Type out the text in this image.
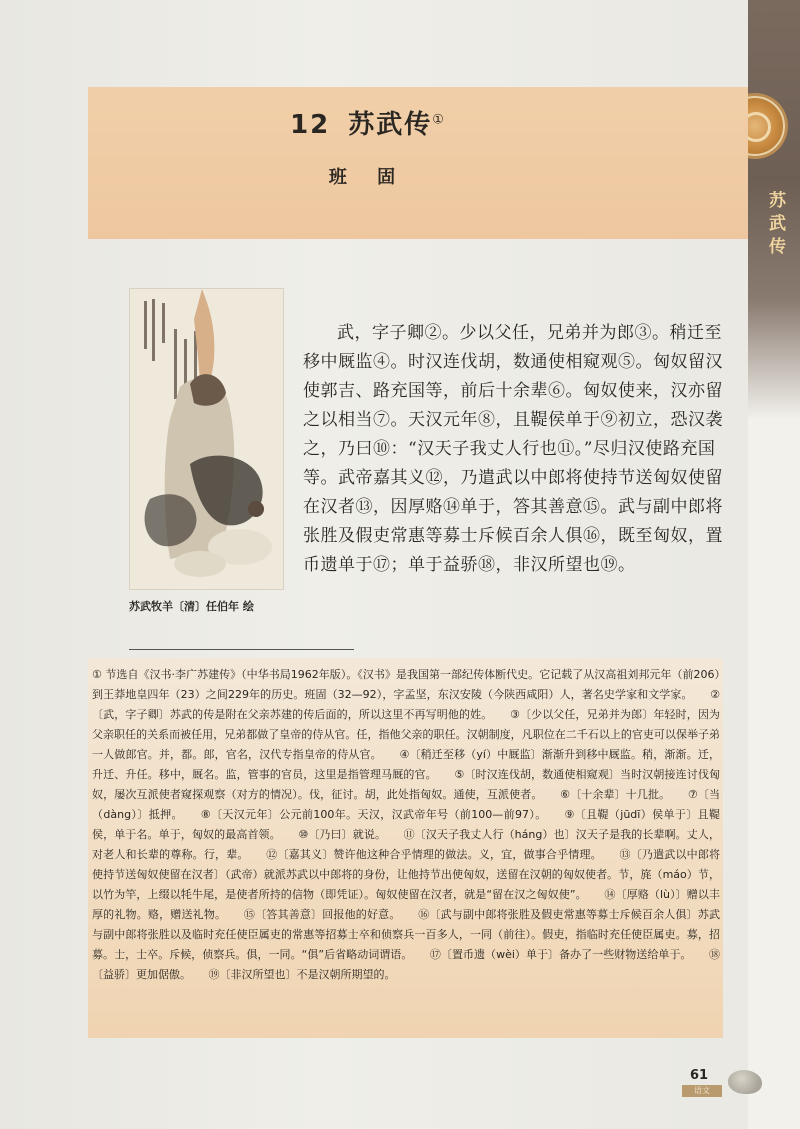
苏武传
12 苏武传①
班 固
苏武牧羊〔清〕任伯年 绘
武，字子卿②。少以父任，兄弟并为郎③。稍迁至移中厩监④。时汉连伐胡，数通使相窥观⑤。匈奴留汉使郭吉、路充国等，前后十余辈⑥。匈奴使来，汉亦留之以相当⑦。天汉元年⑧，且鞮侯单于⑨初立，恐汉袭之，乃曰⑩：“汉天子我丈人行也⑪。”尽归汉使路充国等。武帝嘉其义⑫，乃遣武以中郎将使持节送匈奴使留在汉者⑬，因厚赂⑭单于，答其善意⑮。武与副中郎将张胜及假吏常惠等募士斥候百余人俱⑯，既至匈奴，置币遗单于⑰；单于益骄⑱，非汉所望也⑲。
① 节选自《汉书·李广苏建传》（中华书局1962年版）。《汉书》是我国第一部纪传体断代史。它记载了从汉高祖刘邦元年（前206）到王莽地皇四年（23）之间229年的历史。班固（32—92），字孟坚，东汉安陵（今陕西咸阳）人，著名史学家和文学家。 ②〔武，字子卿〕苏武的传是附在父亲苏建的传后面的，所以这里不再写明他的姓。 ③〔少以父任，兄弟并为郎〕年轻时，因为父亲职任的关系而被任用，兄弟都做了皇帝的侍从官。任，指他父亲的职任。汉朝制度，凡职位在二千石以上的官吏可以保举子弟一人做郎官。并，都。郎，官名，汉代专指皇帝的侍从官。 ④〔稍迁至移（yí）中厩监〕渐渐升到移中厩监。稍，渐渐。迁，升迁、升任。移中，厩名。监，管事的官员，这里是指管理马厩的官。 ⑤〔时汉连伐胡，数通使相窥观〕当时汉朝接连讨伐匈奴，屡次互派使者窥探观察（对方的情况）。伐，征讨。胡，此处指匈奴。通使，互派使者。 ⑥〔十余辈〕十几批。 ⑦〔当（dàng）〕抵押。 ⑧〔天汉元年〕公元前100年。天汉，汉武帝年号（前100—前97）。 ⑨〔且鞮（jūdī）侯单于〕且鞮侯，单于名。单于，匈奴的最高首领。 ⑩〔乃曰〕就说。 ⑪〔汉天子我丈人行（háng）也〕汉天子是我的长辈啊。丈人，对老人和长辈的尊称。行，辈。 ⑫〔嘉其义〕赞许他这种合乎情理的做法。义，宜，做事合乎情理。 ⑬〔乃遣武以中郎将使持节送匈奴使留在汉者〕（武帝）就派苏武以中郎将的身份，让他持节出使匈奴，送留在汉朝的匈奴使者。节，旄（máo）节，以竹为竿，上缀以牦牛尾，是使者所持的信物（即凭证）。匈奴使留在汉者，就是“留在汉之匈奴使”。 ⑭〔厚赂（lù）〕赠以丰厚的礼物。赂，赠送礼物。 ⑮〔答其善意〕回报他的好意。 ⑯〔武与副中郎将张胜及假吏常惠等募士斥候百余人俱〕苏武与副中郎将张胜以及临时充任使臣属吏的常惠等招募士卒和侦察兵一百多人，一同（前往）。假吏，指临时充任使臣属吏。募，招募。士，士卒。斥候，侦察兵。俱，一同。“俱”后省略动词谓语。 ⑰〔置币遗（wèi）单于〕备办了一些财物送给单于。 ⑱〔益骄〕更加倨傲。 ⑲〔非汉所望也〕不是汉朝所期望的。
61
语文
